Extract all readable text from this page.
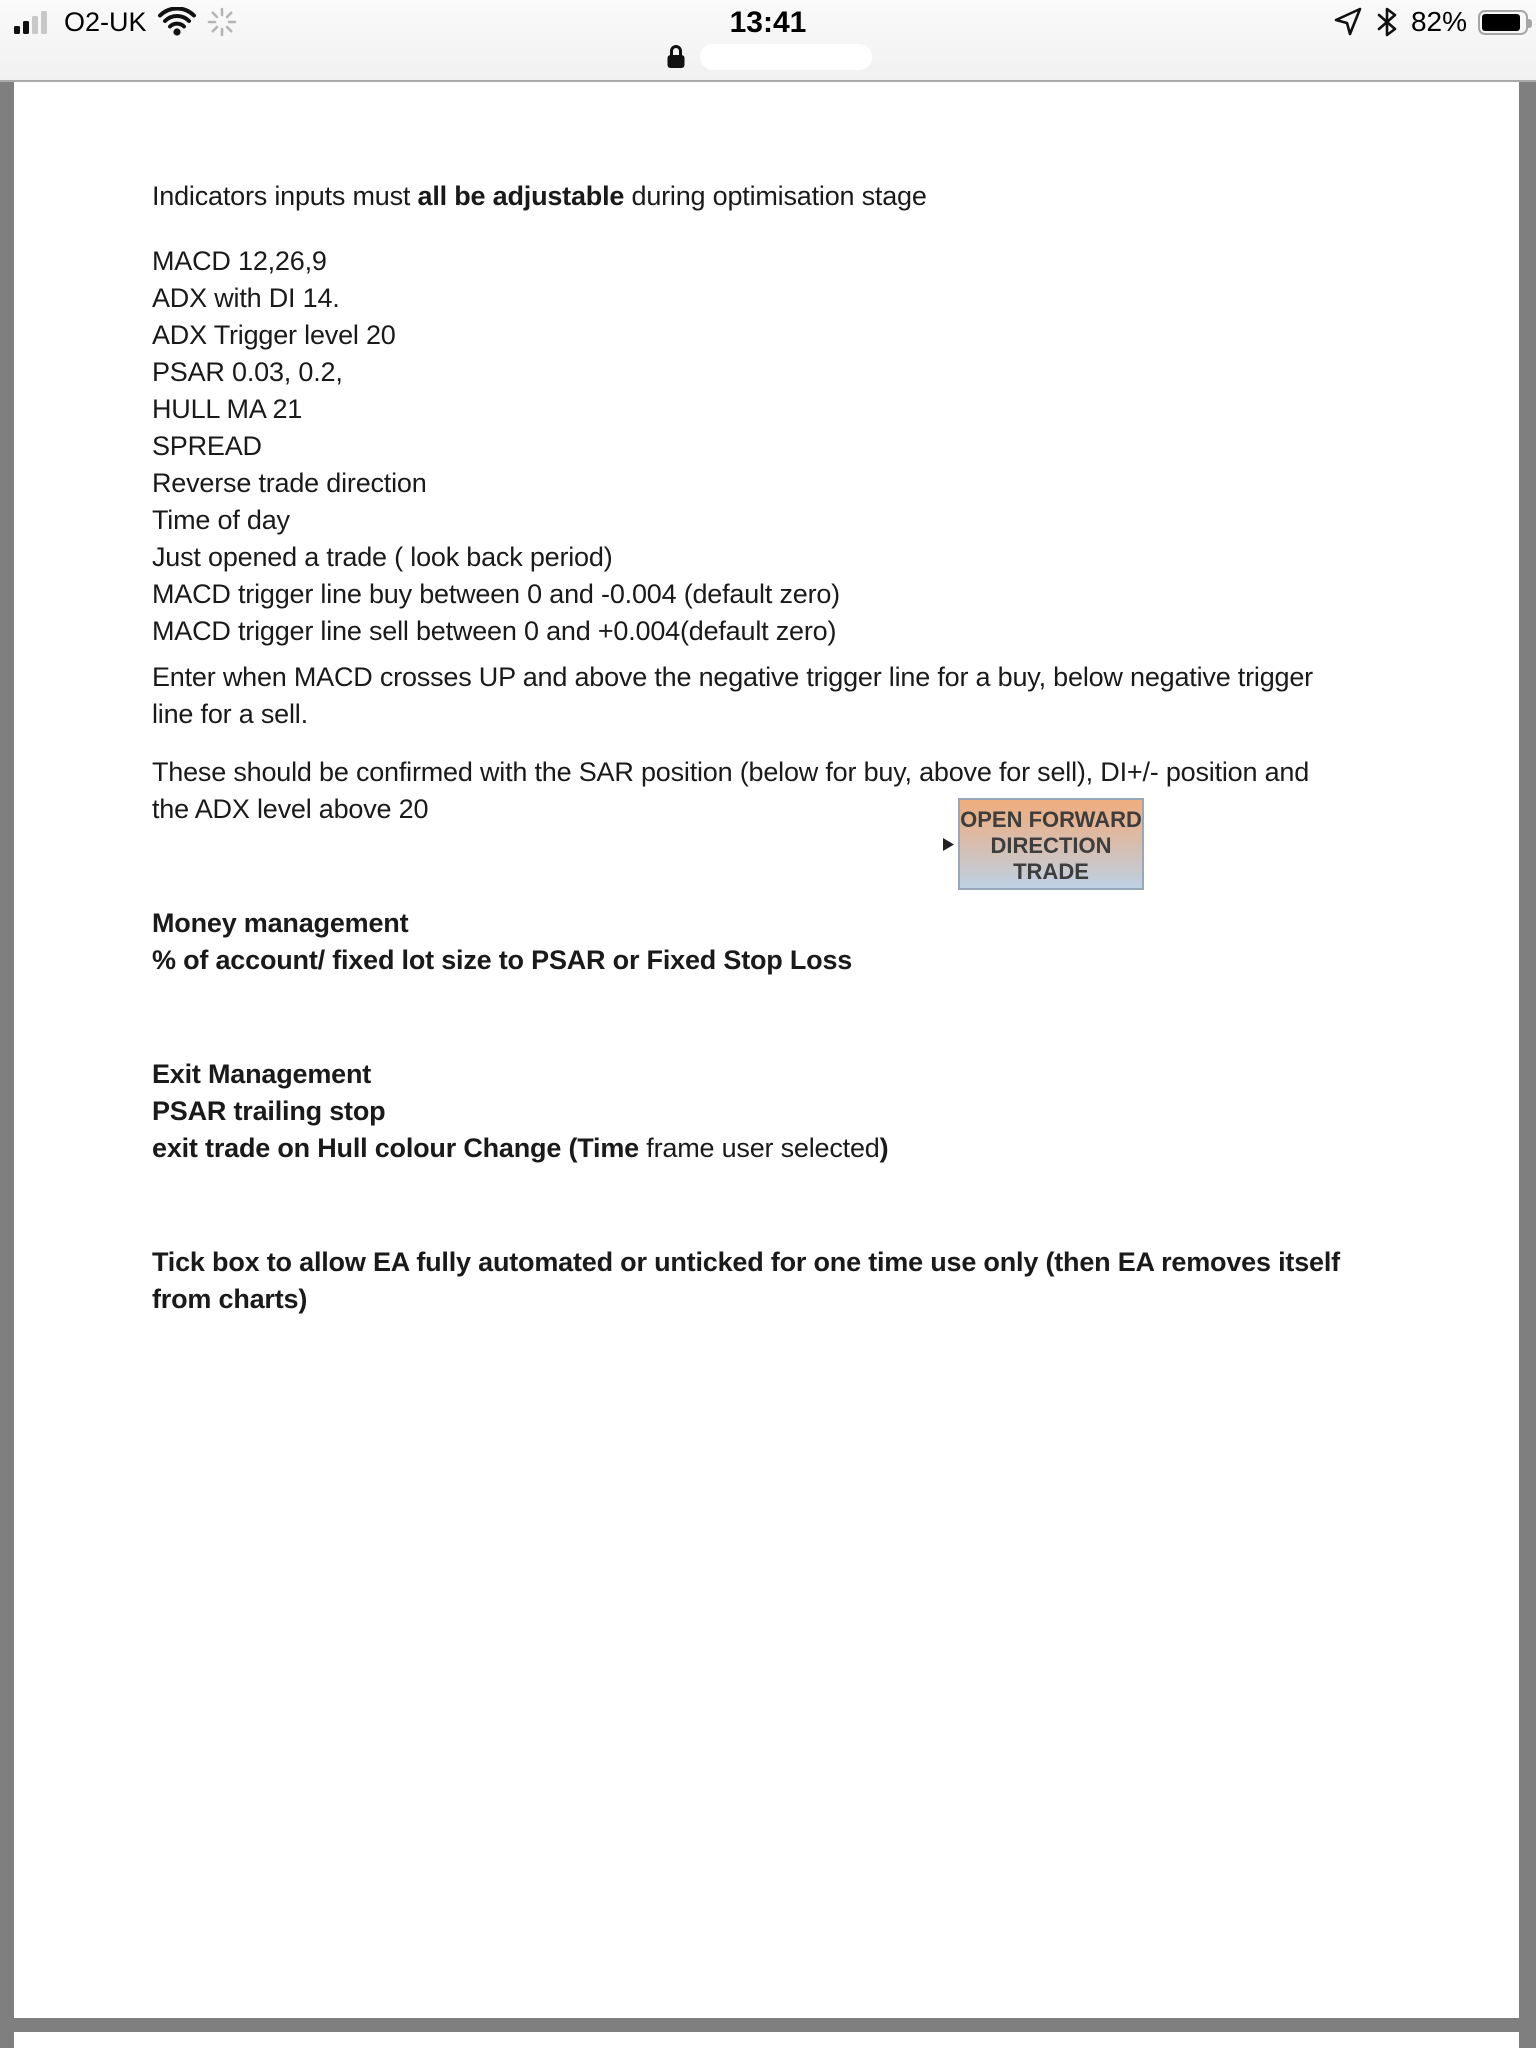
O2-UK	13:41	82%
Indicators inputs must all be adjustable during optimisation stage
MACD 12,26,9
ADX with DI 14.
ADX Trigger level 20
PSAR 0.03, 0.2,
HULL MA 21
SPREAD
Reverse trade direction
Time of day
Just opened a trade ( look back period)
MACD trigger line buy between 0 and -0.004 (default zero)
MACD trigger line sell between 0 and +0.004(default zero)
Enter when MACD crosses UP and above the negative trigger line for a buy, below negative trigger
line for a sell.
These should be confirmed with the SAR position (below for buy, above for sell), DI+/- position and
the ADX level above 20	OPEN FORWARD
DIRECTION
TRADE
Money management
% of account/ fixed lot size to PSAR or Fixed Stop Loss
Exit Management
PSAR trailing stop
exit trade on Hull colour Change (Time frame user selected)
Tick box to allow EA fully automated or unticked for one time use only (then EA removes itself
from charts)
